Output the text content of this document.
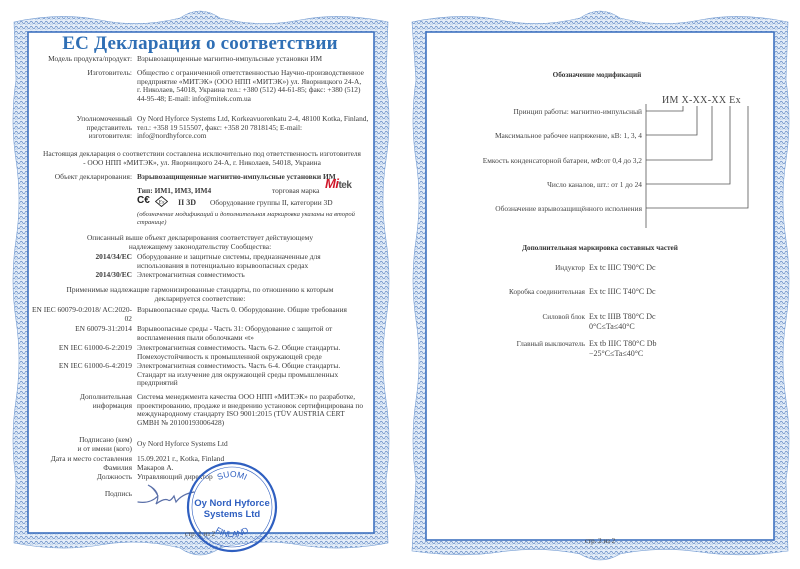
ЕС Декларация о соответствии
Модель продукта/продукт: Взрывозащищенные магнитно-импульсные установки ИМ
Изготовитель: Общество с ограниченной ответственностью Научно-производственное предприятие «МИТЭК» (ООО НПП «МИТЭК») ул. Яворницкого 24-А, г. Николаев, 54018, Украина тел.: +380 (512) 44-61-85; факс: +380 (512) 44-95-48; E-mail: info@mitek.com.ua
Уполномоченный
представитель
изготовителя:
Oy Nord Hyforce Systems Ltd, Korkeavuorenkatu 2-4, 48100 Kotka, Finland, тел.: +358 19 515507, факс: +358 20 7818145; E-mail: info@nordhyforce.com
Настоящая декларация о соответствии составлена исключительно под ответственность изготовителя - ООО НПП «МИТЭК», ул. Яворницкого 24-А, г. Николаев, 54018, Украина
Объект декларирования: Взрывозащищенные магнитно-импульсные установки ИМ
Тип: ИМ1, ИМ3, ИМ4	торговая марка Mitek
C€ Ex II 3D Оборудование группы II, категории 3D
(обозначение модификаций и дополнительная маркировка указаны на второй странице)
Описанный выше объект декларирования соответствует действующему надлежащему законодательству Сообщества:
2014/34/ЕС Оборудование и защитные системы, предназначенные для использования в потенциально взрывоопасных средах
2014/30/ЕС Электромагнитная совместимость
Применимые надлежащие гармонизированные стандарты, по отношению к которым декларируется соответствие:
EN IEC 60079-0:2018/ AC:2020-02
Взрывоопасные среды. Часть 0. Оборудование. Общие требования
EN 60079-31:2014 Взрывоопасные среды - Часть 31: Оборудование с защитой от воспламенения пыли оболочками «t»
EN IEC 61000-6-2:2019 Электромагнитная совместимость. Часть 6-2. Общие стандарты. Помехоустойчивость к промышленной окружающей среде
EN IEC 61000-6-4:2019 Электромагнитная совместимость. Часть 6-4. Общие стандарты. Стандарт на излучение для окружающей среды промышленных предприятий
Дополнительная
информация
Система менеджмента качества ООО НПП «МИТЭК» по разработке, проектированию, продаже и внедрению установок сертифицирована по международному стандарту ISO 9001:2015 (TÜV AUSTRIA CERT GMBH № 20100193006428)
Подписано (кем)
и от имени (кого)
Oy Nord Hyforce Systems Ltd
Дата и место составления 15.09.2021 г., Kotka, Finland
Фамилия Макаров А.
Должность Управляющий директор
Подпись
SUOMI
FINLAND
Oy Nord Hyforce
Systems Ltd
стр. 1 из 2
Обозначение модификаций
ИМ X-XX-XX Ex
Принцип работы: магнитно-импульсный
Максимальное рабочее напряжение, кВ: 1, 3, 4
Емкость конденсаторной батареи, мФ:от 0,4 до 3,2
Число каналов, шт.: от 1 до 24
Обозначение взрывозащищённого исполнения
Дополнительная маркировка составных частей
Индуктор Ex tc IIIC T90°C Dc
Коробка соединительная Ex tc IIIC T40°C Dc
Силовой блок Ex tc IIIB T80°C Dc
0°C≤Ta≤40°C
Главный выключатель Ex tb IIIC T80°C Db
−25°C≤Ta≤40°C
стр. 2 из 2
